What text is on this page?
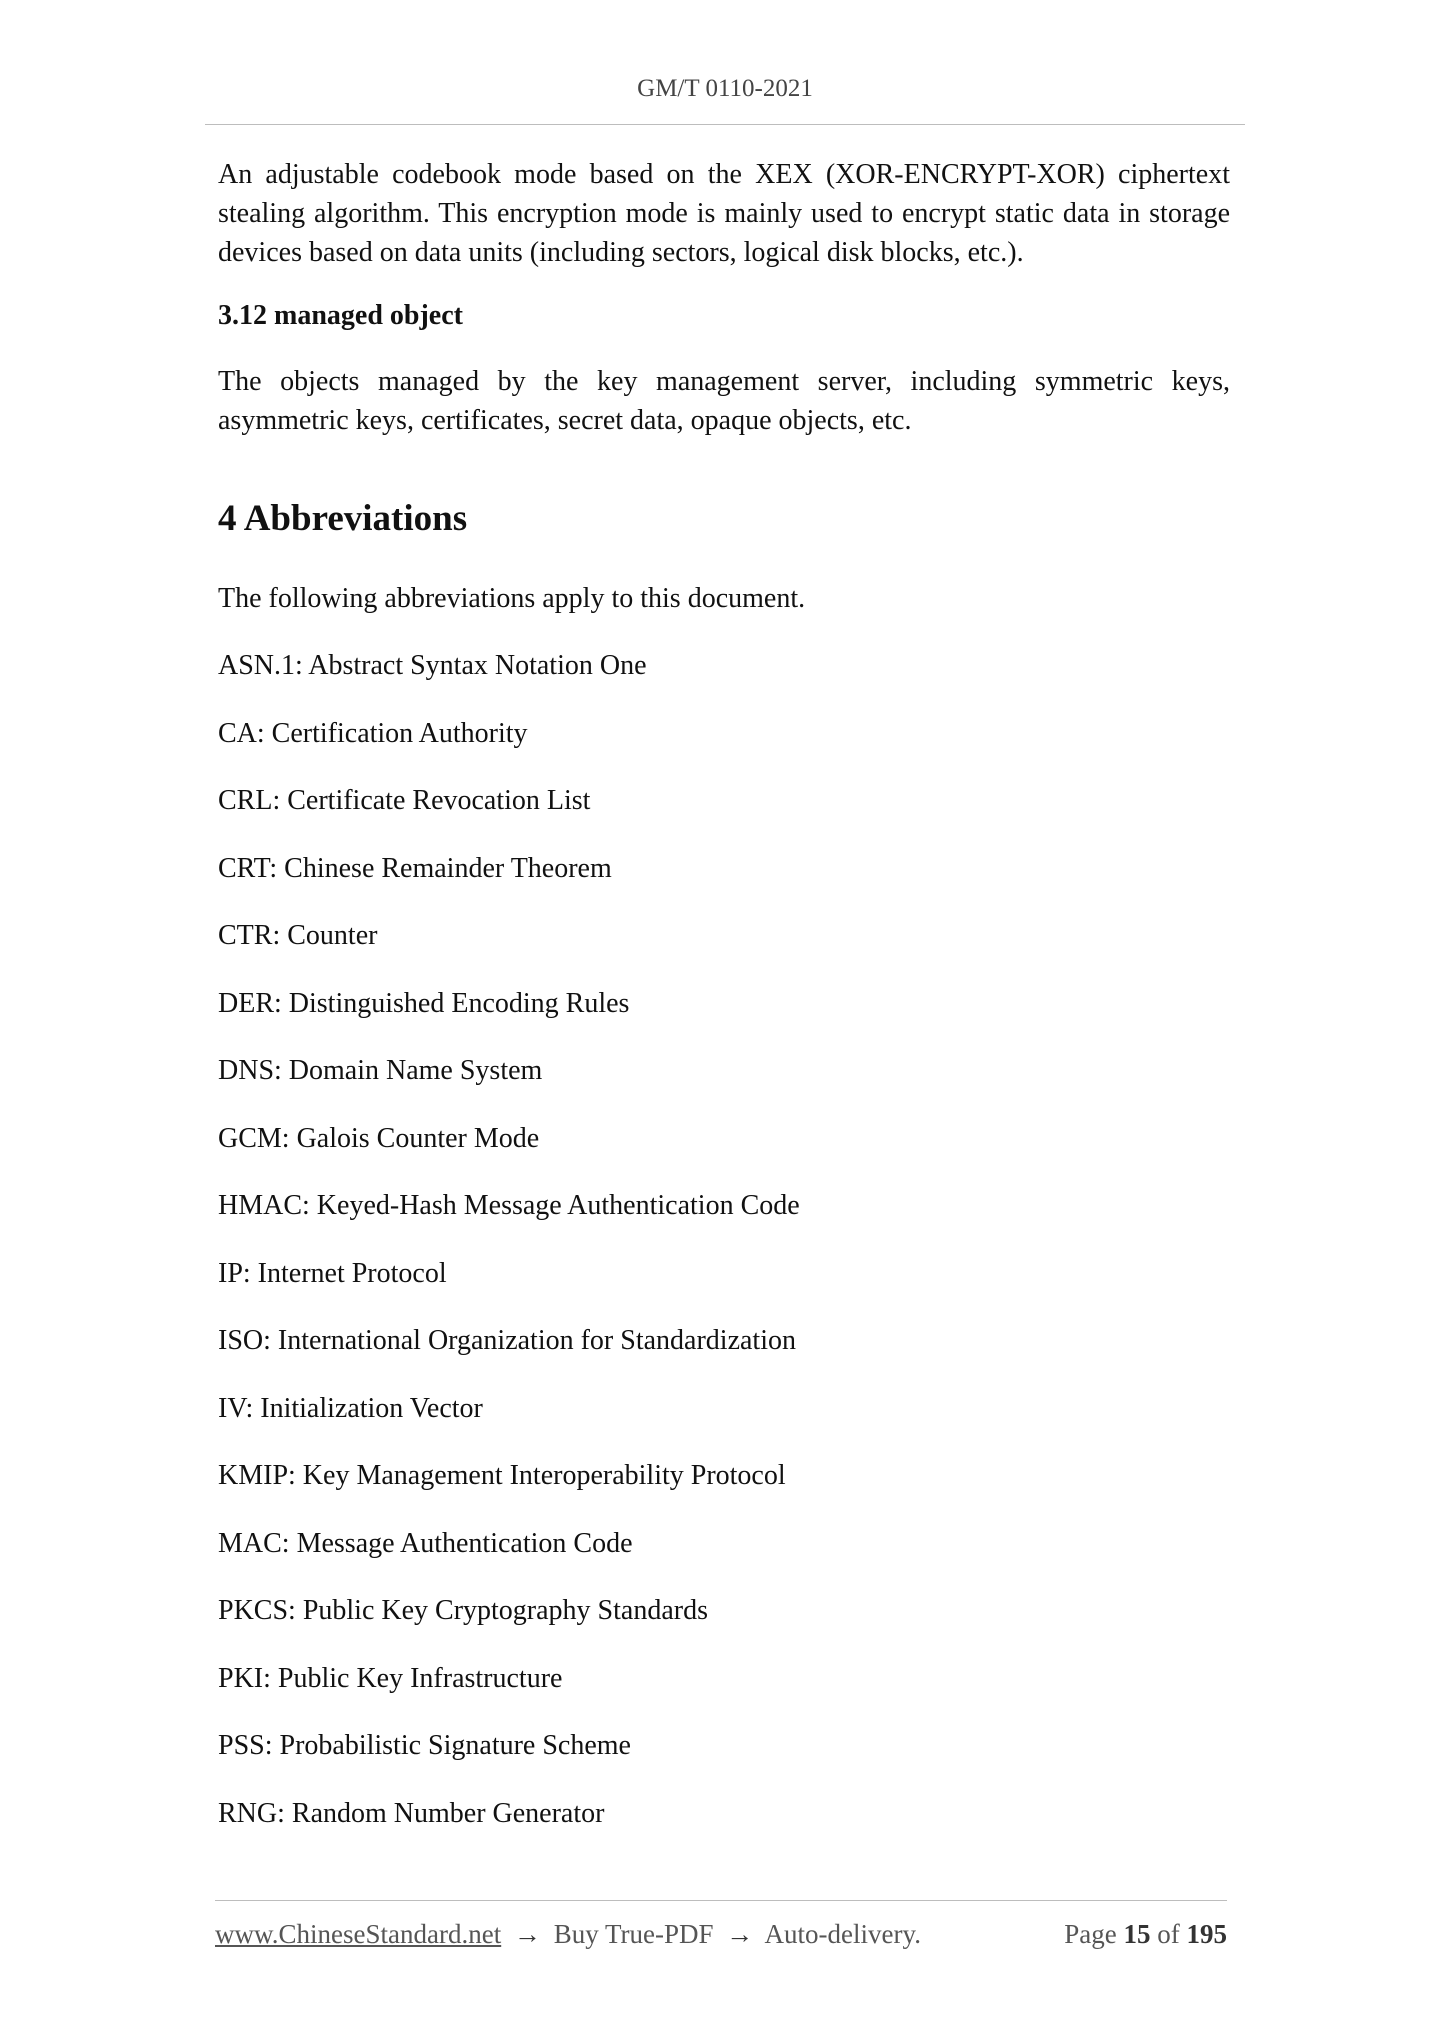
GM/T 0110-2021

An adjustable codebook mode based on the XEX (XOR-ENCRYPT-XOR) ciphertext stealing algorithm. This encryption mode is mainly used to encrypt static data in storage devices based on data units (including sectors, logical disk blocks, etc.).

3.12 managed object

The objects managed by the key management server, including symmetric keys, asymmetric keys, certificates, secret data, opaque objects, etc.

4 Abbreviations

The following abbreviations apply to this document.

ASN.1: Abstract Syntax Notation One
CA: Certification Authority
CRL: Certificate Revocation List
CRT: Chinese Remainder Theorem
CTR: Counter
DER: Distinguished Encoding Rules
DNS: Domain Name System
GCM: Galois Counter Mode
HMAC: Keyed-Hash Message Authentication Code
IP: Internet Protocol
ISO: International Organization for Standardization
IV: Initialization Vector
KMIP: Key Management Interoperability Protocol
MAC: Message Authentication Code
PKCS: Public Key Cryptography Standards
PKI: Public Key Infrastructure
PSS: Probabilistic Signature Scheme
RNG: Random Number Generator
www.ChineseStandard.net → Buy True-PDF → Auto-delivery.	Page 15 of 195
